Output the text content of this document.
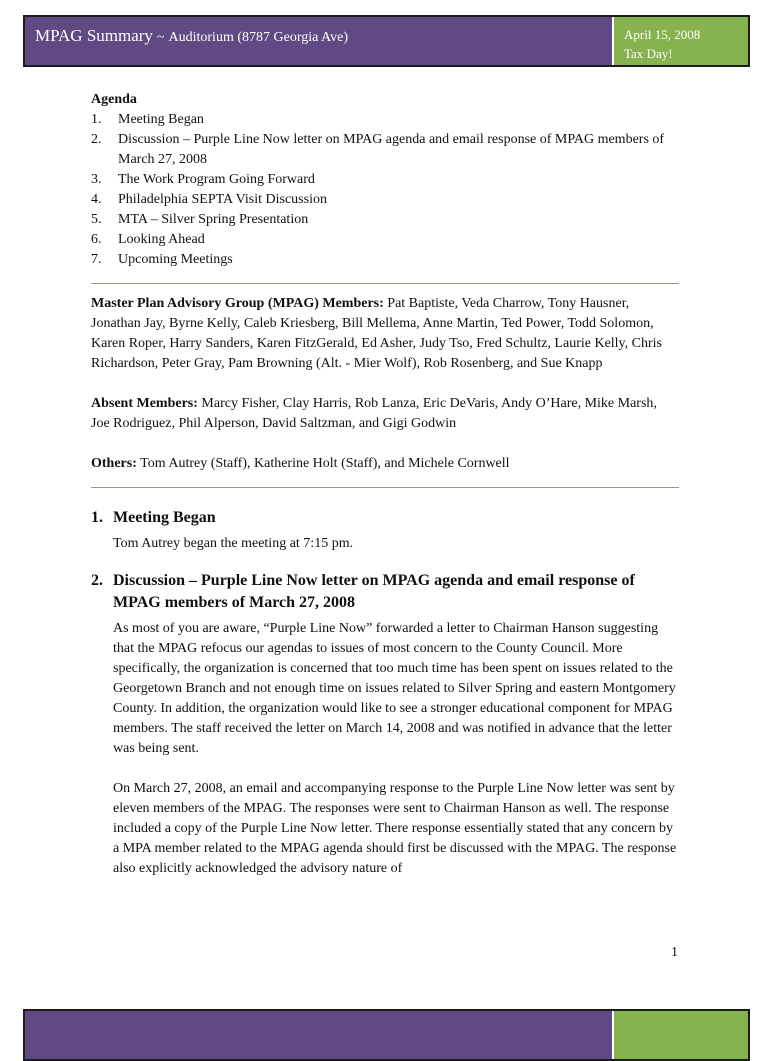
MPAG Summary ~ Auditorium (8787 Georgia Ave)	April 15, 2008
Tax Day!
Agenda
1. Meeting Began
2. Discussion – Purple Line Now letter on MPAG agenda and email response of MPAG members of March 27, 2008
3. The Work Program Going Forward
4. Philadelphia SEPTA Visit Discussion
5. MTA – Silver Spring Presentation
6. Looking Ahead
7. Upcoming Meetings

Master Plan Advisory Group (MPAG) Members: Pat Baptiste, Veda Charrow, Tony Hausner, Jonathan Jay, Byrne Kelly, Caleb Kriesberg, Bill Mellema, Anne Martin, Ted Power, Todd Solomon, Karen Roper, Harry Sanders, Karen FitzGerald, Ed Asher, Judy Tso, Fred Schultz, Laurie Kelly, Chris Richardson, Peter Gray, Pam Browning (Alt. - Mier Wolf), Rob Rosenberg, and Sue Knapp

Absent Members: Marcy Fisher, Clay Harris, Rob Lanza, Eric DeVaris, Andy O’Hare, Mike Marsh, Joe Rodriguez, Phil Alperson, David Saltzman, and Gigi Godwin

Others: Tom Autrey (Staff), Katherine Holt (Staff), and Michele Cornwell

1. Meeting Began

Tom Autrey began the meeting at 7:15 pm.

2. Discussion – Purple Line Now letter on MPAG agenda and email response of MPAG members of March 27, 2008

As most of you are aware, “Purple Line Now” forwarded a letter to Chairman Hanson suggesting that the MPAG refocus our agendas to issues of most concern to the County Council. More specifically, the organization is concerned that too much time has been spent on issues related to the Georgetown Branch and not enough time on issues related to Silver Spring and eastern Montgomery County. In addition, the organization would like to see a stronger educational component for MPAG members. The staff received the letter on March 14, 2008 and was notified in advance that the letter was being sent.

On March 27, 2008, an email and accompanying response to the Purple Line Now letter was sent by eleven members of the MPAG. The responses were sent to Chairman Hanson as well. The response included a copy of the Purple Line Now letter. There response essentially stated that any concern by a MPA member related to the MPAG agenda should first be discussed with the MPAG. The response also explicitly acknowledged the advisory nature of

1
